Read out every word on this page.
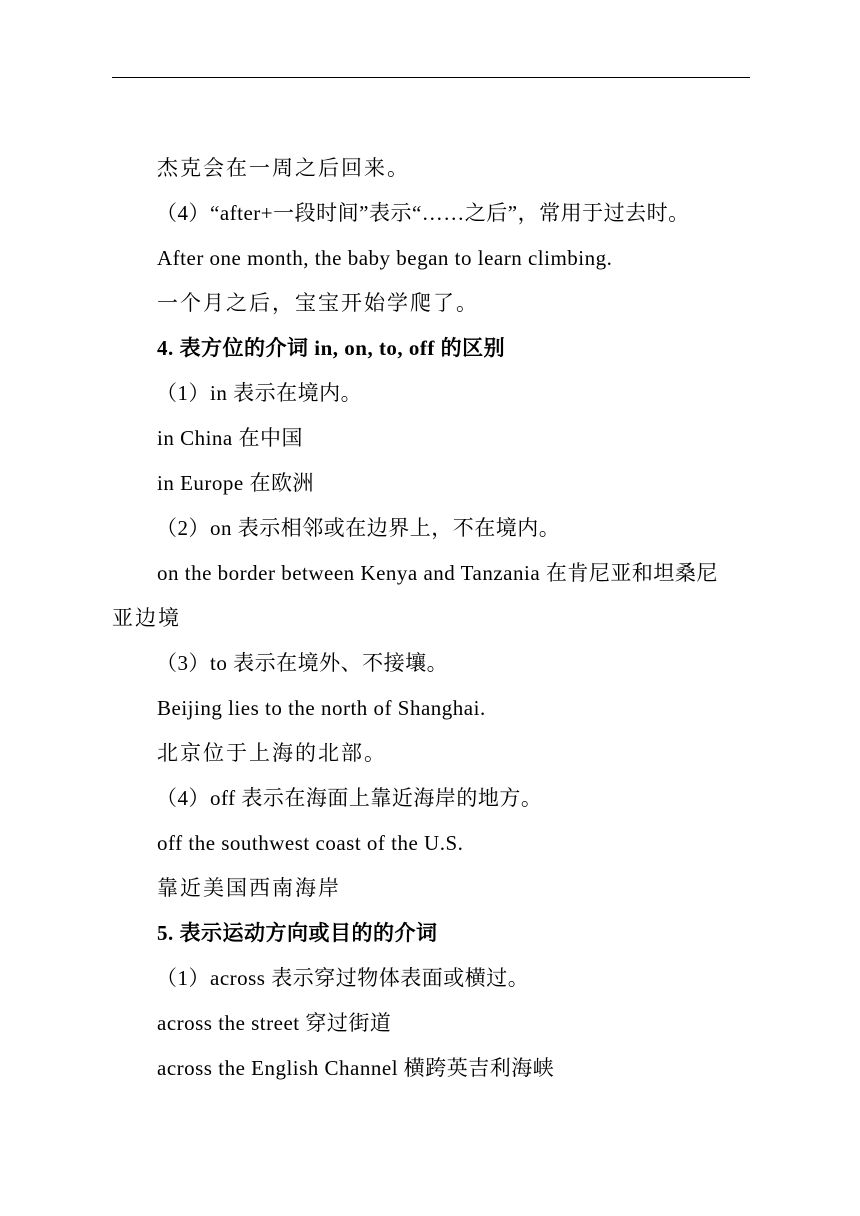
杰克会在一周之后回来。
（4）“after+一段时间”表示“……之后”，常用于过去时。
After one month, the baby began to learn climbing.
一个月之后，宝宝开始学爬了。
4. 表方位的介词 in, on, to, off 的区别
（1）in 表示在境内。
in China 在中国
in Europe 在欧洲
（2）on 表示相邻或在边界上，不在境内。
on the border between Kenya and Tanzania 在肯尼亚和坦桑尼
亚边境
（3）to 表示在境外、不接壤。
Beijing lies to the north of Shanghai.
北京位于上海的北部。
（4）off 表示在海面上靠近海岸的地方。
off the southwest coast of the U.S.
靠近美国西南海岸
5. 表示运动方向或目的的介词
（1）across 表示穿过物体表面或横过。
across the street 穿过街道
across the English Channel 横跨英吉利海峡
